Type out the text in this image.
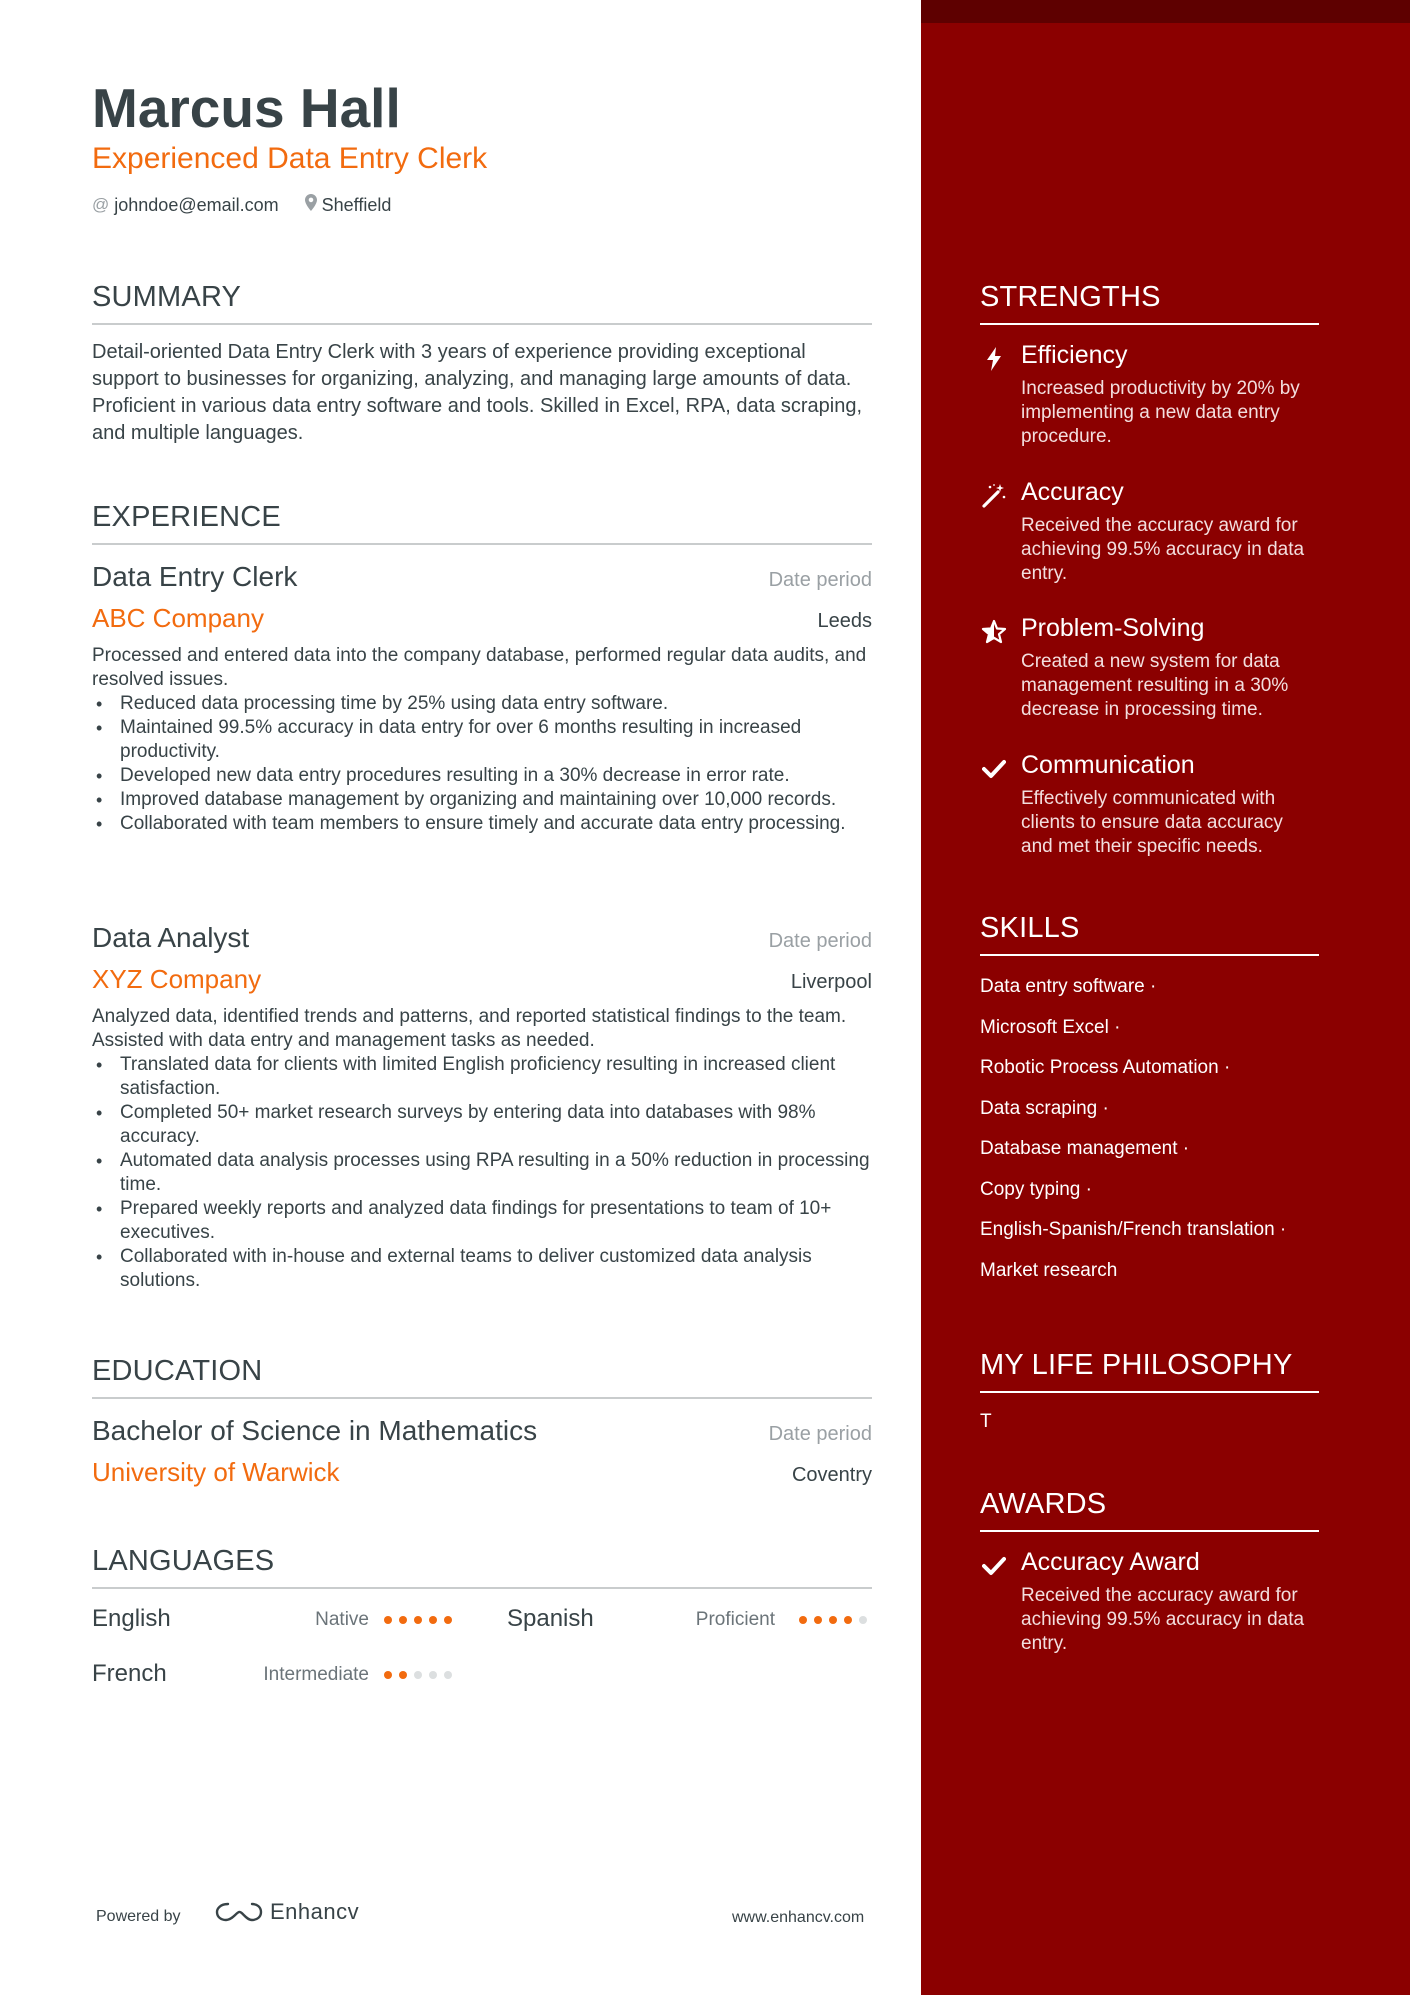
Marcus Hall
Experienced Data Entry Clerk
@ johndoe@email.com Sheffield
SUMMARY
Detail-oriented Data Entry Clerk with 3 years of experience providing exceptional support to businesses for organizing, analyzing, and managing large amounts of data. Proficient in various data entry software and tools. Skilled in Excel, RPA, data scraping, and multiple languages.
EXPERIENCE
Data Entry Clerk	Date period
ABC Company	Leeds
Processed and entered data into the company database, performed regular data audits, and resolved issues.
• Reduced data processing time by 25% using data entry software.
• Maintained 99.5% accuracy in data entry for over 6 months resulting in increased productivity.
• Developed new data entry procedures resulting in a 30% decrease in error rate.
• Improved database management by organizing and maintaining over 10,000 records.
• Collaborated with team members to ensure timely and accurate data entry processing.
Data Analyst	Date period
XYZ Company	Liverpool
Analyzed data, identified trends and patterns, and reported statistical findings to the team. Assisted with data entry and management tasks as needed.
• Translated data for clients with limited English proficiency resulting in increased client satisfaction.
• Completed 50+ market research surveys by entering data into databases with 98% accuracy.
• Automated data analysis processes using RPA resulting in a 50% reduction in processing time.
• Prepared weekly reports and analyzed data findings for presentations to team of 10+ executives.
• Collaborated with in-house and external teams to deliver customized data analysis solutions.
EDUCATION
Bachelor of Science in Mathematics	Date period
University of Warwick	Coventry
LANGUAGES
English	Native	Spanish	Proficient
French	Intermediate
Powered by	Enhancv	www.enhancv.com
STRENGTHS
Efficiency
Increased productivity by 20% by implementing a new data entry procedure.
Accuracy
Received the accuracy award for achieving 99.5% accuracy in data entry.
Problem-Solving
Created a new system for data management resulting in a 30% decrease in processing time.
Communication
Effectively communicated with clients to ensure data accuracy and met their specific needs.
SKILLS
Data entry software ·
Microsoft Excel ·
Robotic Process Automation ·
Data scraping ·
Database management ·
Copy typing ·
English-Spanish/French translation ·
Market research
MY LIFE PHILOSOPHY
T
AWARDS
Accuracy Award
Received the accuracy award for achieving 99.5% accuracy in data entry.
